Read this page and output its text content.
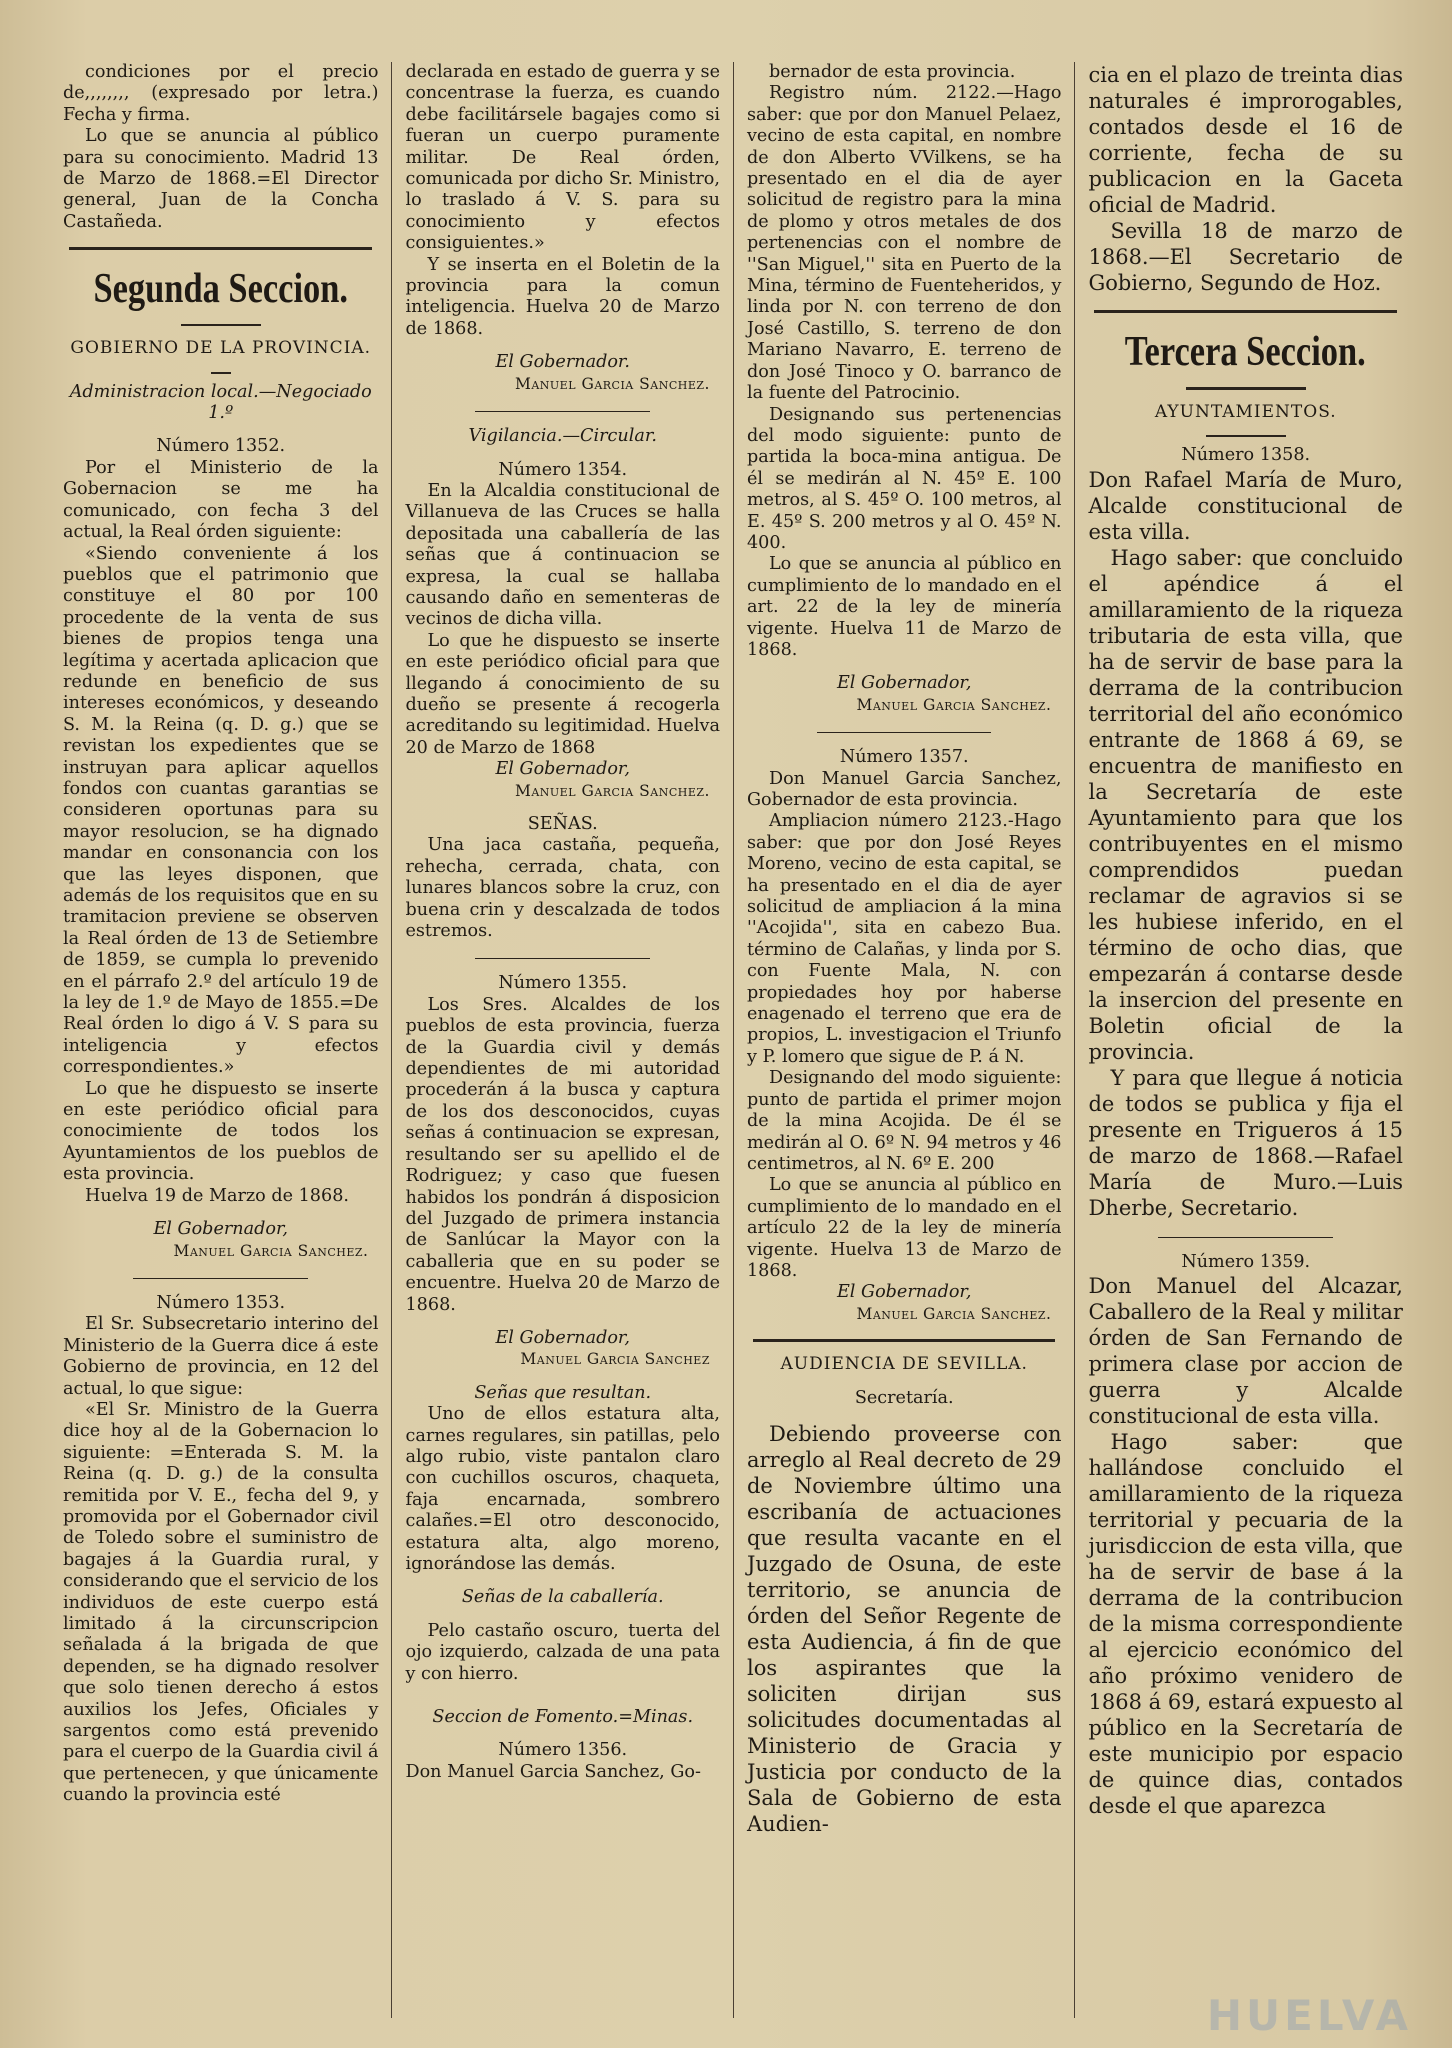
condiciones por el precio de,,,,,,,, (expresado por letra.) Fecha y firma.

Lo que se anuncia al público para su conocimiento. Madrid 13 de Marzo de 1868.=El Director general, Juan de la Concha Castañeda.

Segunda Seccion.
GOBIERNO DE LA PROVINCIA.

Administracion local.—Negociado 1.º

Número 1352.

Por el Ministerio de la Gobernacion se me ha comunicado, con fecha 3 del actual, la Real órden siguiente:

«Siendo conveniente á los pueblos que el patrimonio que constituye el 80 por 100 procedente de la venta de sus bienes de propios tenga una legítima y acertada aplicacion que redunde en beneficio de sus intereses económicos, y deseando S. M. la Reina (q. D. g.) que se revistan los expedientes que se instruyan para aplicar aquellos fondos con cuantas garantias se consideren oportunas para su mayor resolucion, se ha dignado mandar en consonancia con los que las leyes disponen, que además de los requisitos que en su tramitacion previene se observen la Real órden de 13 de Setiembre de 1859, se cumpla lo prevenido en el párrafo 2.º del artículo 19 de la ley de 1.º de Mayo de 1855.=De Real órden lo digo á V. S para su inteligencia y efectos correspondientes.»

Lo que he dispuesto se inserte en este periódico oficial para conocimiente de todos los Ayuntamientos de los pueblos de esta provincia.

Huelva 19 de Marzo de 1868.

El Gobernador,

Manuel Garcia Sanchez.

Número 1353.

El Sr. Subsecretario interino del Ministerio de la Guerra dice á este Gobierno de provincia, en 12 del actual, lo que sigue:

«El Sr. Ministro de la Guerra dice hoy al de la Gobernacion lo siguiente: =Enterada S. M. la Reina (q. D. g.) de la consulta remitida por V. E., fecha del 9, y promovida por el Gobernador civil de Toledo sobre el suministro de bagajes á la Guardia rural, y considerando que el servicio de los individuos de este cuerpo está limitado á la circunscripcion señalada á la brigada de que dependen, se ha dignado resolver que solo tienen derecho á estos auxilios los Jefes, Oficiales y sargentos como está prevenido para el cuerpo de la Guardia civil á que pertenecen, y que únicamente cuando la provincia esté

declarada en estado de guerra y se concentrase la fuerza, es cuando debe facilitársele bagajes como si fueran un cuerpo puramente militar. De Real órden, comunicada por dicho Sr. Ministro, lo traslado á V. S. para su conocimiento y efectos consiguientes.»

Y se inserta en el Boletin de la provincia para la comun inteligencia. Huelva 20 de Marzo de 1868.

El Gobernador.

Manuel Garcia Sanchez.

Vigilancia.—Circular.

Número 1354.

En la Alcaldia constitucional de Villanueva de las Cruces se halla depositada una caballería de las señas que á continuacion se expresa, la cual se hallaba causando daño en sementeras de vecinos de dicha villa.

Lo que he dispuesto se inserte en este periódico oficial para que llegando á conocimiento de su dueño se presente á recogerla acreditando su legitimidad. Huelva 20 de Marzo de 1868

El Gobernador,

Manuel Garcia Sanchez.

SEÑAS.

Una jaca castaña, pequeña, rehecha, cerrada, chata, con lunares blancos sobre la cruz, con buena crin y descalzada de todos estremos.

Número 1355.

Los Sres. Alcaldes de los pueblos de esta provincia, fuerza de la Guardia civil y demás dependientes de mi autoridad procederán á la busca y captura de los dos desconocidos, cuyas señas á continuacion se expresan, resultando ser su apellido el de Rodriguez; y caso que fuesen habidos los pondrán á disposicion del Juzgado de primera instancia de Sanlúcar la Mayor con la caballeria que en su poder se encuentre. Huelva 20 de Marzo de 1868.

El Gobernador,

Manuel Garcia Sanchez

Señas que resultan.

Uno de ellos estatura alta, carnes regulares, sin patillas, pelo algo rubio, viste pantalon claro con cuchillos oscuros, chaqueta, faja encarnada, sombrero calañes.=El otro desconocido, estatura alta, algo moreno, ignorándose las demás.

Señas de la caballería.

Pelo castaño oscuro, tuerta del ojo izquierdo, calzada de una pata y con hierro.

Seccion de Fomento.=Minas.

Número 1356.

Don Manuel Garcia Sanchez, Go-

bernador de esta provincia.

Registro núm. 2122.—Hago saber: que por don Manuel Pelaez, vecino de esta capital, en nombre de don Alberto VVilkens, se ha presentado en el dia de ayer solicitud de registro para la mina de plomo y otros metales de dos pertenencias con el nombre de ''San Miguel,'' sita en Puerto de la Mina, término de Fuenteheridos, y linda por N. con terreno de don José Castillo, S. terreno de don Mariano Navarro, E. terreno de don José Tinoco y O. barranco de la fuente del Patrocinio.

Designando sus pertenencias del modo siguiente: punto de partida la boca-mina antigua. De él se medirán al N. 45º E. 100 metros, al S. 45º O. 100 metros, al E. 45º S. 200 metros y al O. 45º N. 400.

Lo que se anuncia al público en cumplimiento de lo mandado en el art. 22 de la ley de minería vigente. Huelva 11 de Marzo de 1868.

El Gobernador,

Manuel Garcia Sanchez.

Número 1357.

Don Manuel Garcia Sanchez, Gobernador de esta provincia.

Ampliacion número 2123.-Hago saber: que por don José Reyes Moreno, vecino de esta capital, se ha presentado en el dia de ayer solicitud de ampliacion á la mina ''Acojida'', sita en cabezo Bua. término de Calañas, y linda por S. con Fuente Mala, N. con propiedades hoy por haberse enagenado el terreno que era de propios, L. investigacion el Triunfo y P. lomero que sigue de P. á N.

Designando del modo siguiente: punto de partida el primer mojon de la mina Acojida. De él se medirán al O. 6º N. 94 metros y 46 centimetros, al N. 6º E. 200

Lo que se anuncia al público en cumplimiento de lo mandado en el artículo 22 de la ley de minería vigente. Huelva 13 de Marzo de 1868.

El Gobernador,

Manuel Garcia Sanchez.

AUDIENCIA DE SEVILLA.

Secretaría.

Debiendo proveerse con arreglo al Real decreto de 29 de Noviembre último una escribanía de actuaciones que resulta vacante en el Juzgado de Osuna, de este territorio, se anuncia de órden del Señor Regente de esta Audiencia, á fin de que los aspirantes que la soliciten dirijan sus solicitudes documentadas al Ministerio de Gracia y Justicia por conducto de la Sala de Gobierno de esta Audien-

cia en el plazo de treinta dias naturales é improrogables, contados desde el 16 de corriente, fecha de su publicacion en la Gaceta oficial de Madrid.

Sevilla 18 de marzo de 1868.—El Secretario de Gobierno, Segundo de Hoz.

Tercera Seccion.
AYUNTAMIENTOS.

Número 1358.

Don Rafael María de Muro, Alcalde constitucional de esta villa.

Hago saber: que concluido el apéndice á el amillaramiento de la riqueza tributaria de esta villa, que ha de servir de base para la derrama de la contribucion territorial del año económico entrante de 1868 á 69, se encuentra de manifiesto en la Secretaría de este Ayuntamiento para que los contribuyentes en el mismo comprendidos puedan reclamar de agravios si se les hubiese inferido, en el término de ocho dias, que empezarán á contarse desde la insercion del presente en Boletin oficial de la provincia.

Y para que llegue á noticia de todos se publica y fija el presente en Trigueros á 15 de marzo de 1868.—Rafael María de Muro.—Luis Dherbe, Secretario.

Número 1359.

Don Manuel del Alcazar, Caballero de la Real y militar órden de San Fernando de primera clase por accion de guerra y Alcalde constitucional de esta villa.

Hago saber: que hallándose concluido el amillaramiento de la riqueza territorial y pecuaria de la jurisdiccion de esta villa, que ha de servir de base á la derrama de la contribucion de la misma correspondiente al ejercicio económico del año próximo venidero de 1868 á 69, estará expuesto al público en la Secretaría de este municipio por espacio de quince dias, contados desde el que aparezca

HUELVA
